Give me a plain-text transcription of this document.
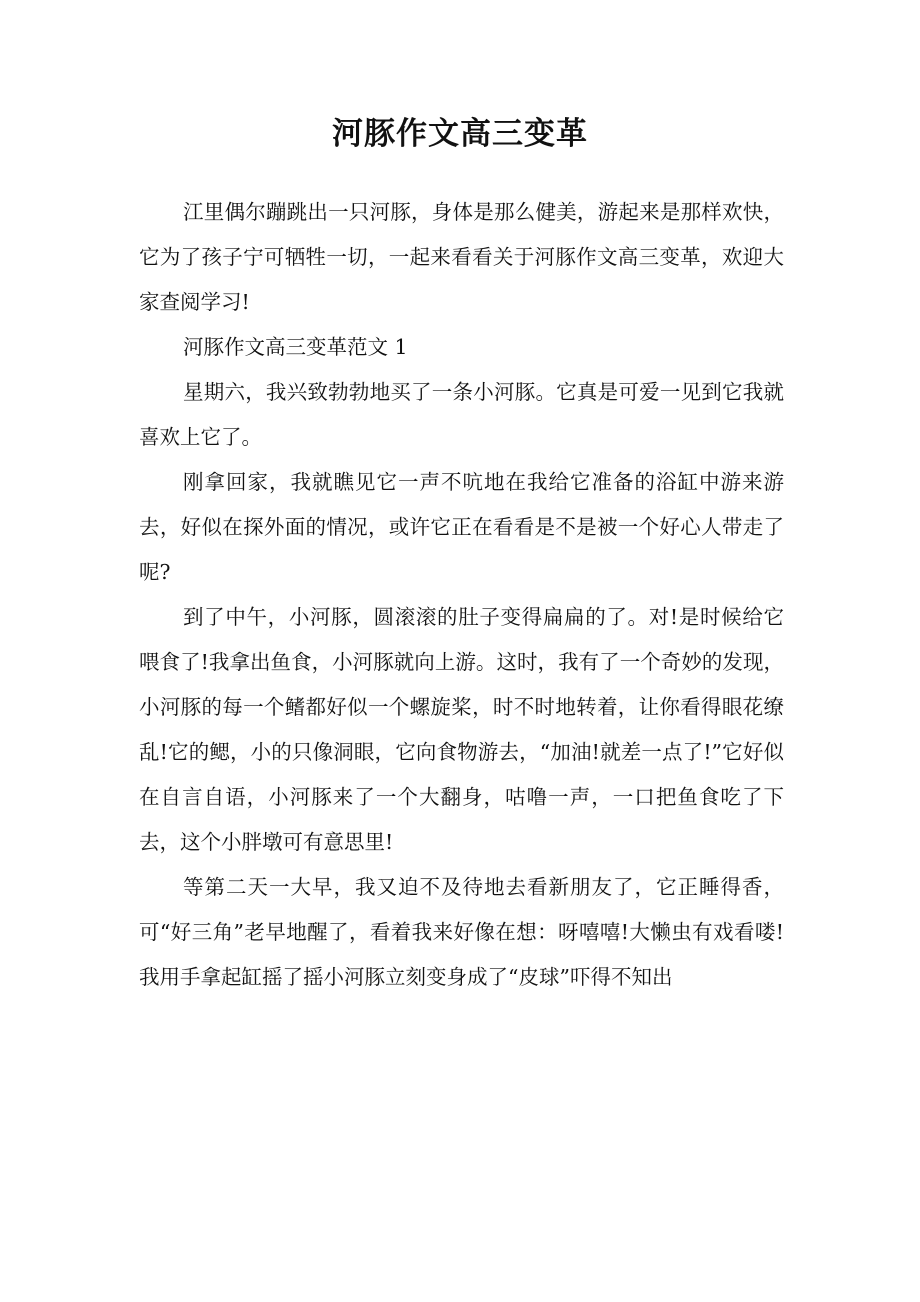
河豚作文高三变革

江里偶尔蹦跳出一只河豚，身体是那么健美，游起来是那样欢快，它为了孩子宁可牺牲一切，一起来看看关于河豚作文高三变革，欢迎大家查阅学习!

河豚作文高三变革范文 1

星期六，我兴致勃勃地买了一条小河豚。它真是可爱一见到它我就喜欢上它了。

刚拿回家，我就瞧见它一声不吭地在我给它准备的浴缸中游来游去，好似在探外面的情况，或许它正在看看是不是被一个好心人带走了呢?

到了中午，小河豚，圆滚滚的肚子变得扁扁的了。对!是时候给它喂食了!我拿出鱼食，小河豚就向上游。这时，我有了一个奇妙的发现，小河豚的每一个鳍都好似一个螺旋桨，时不时地转着，让你看得眼花缭乱!它的鳃，小的只像洞眼，它向食物游去，“加油!就差一点了!”它好似在自言自语，小河豚来了一个大翻身，咕噜一声，一口把鱼食吃了下去，这个小胖墩可有意思里!

等第二天一大早，我又迫不及待地去看新朋友了，它正睡得香，可“好三角”老早地醒了，看着我来好像在想：呀嘻嘻!大懒虫有戏看喽!我用手拿起缸摇了摇小河豚立刻变身成了“皮球”吓得不知出
